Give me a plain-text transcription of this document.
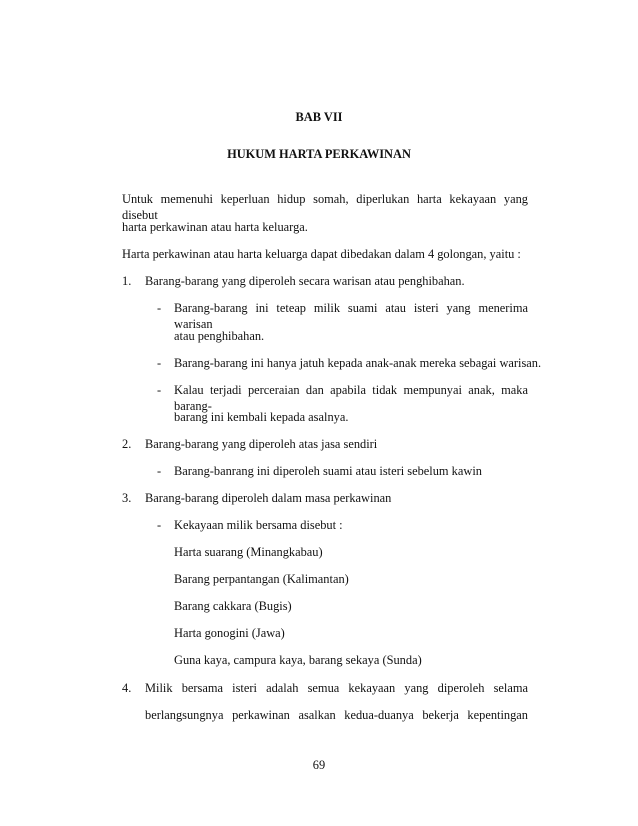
BAB VII
HUKUM HARTA PERKAWINAN
Untuk memenuhi keperluan hidup somah, diperlukan harta kekayaan yang disebut
harta perkawinan atau harta keluarga.
Harta perkawinan atau harta keluarga dapat dibedakan dalam 4 golongan, yaitu :
1. Barang-barang yang diperoleh secara warisan atau penghibahan.
- Barang-barang ini teteap milik suami atau isteri yang menerima warisan
atau penghibahan.
- Barang-barang ini hanya jatuh kepada anak-anak mereka sebagai warisan.
- Kalau terjadi perceraian dan apabila tidak mempunyai anak, maka barang-
barang ini kembali kepada asalnya.
2. Barang-barang yang diperoleh atas jasa sendiri
- Barang-banrang ini diperoleh suami atau isteri sebelum kawin
3. Barang-barang diperoleh dalam masa perkawinan
- Kekayaan milik bersama disebut :
Harta suarang (Minangkabau)
Barang perpantangan (Kalimantan)
Barang cakkara (Bugis)
Harta gonogini (Jawa)
Guna kaya, campura kaya, barang sekaya (Sunda)
4. Milik bersama isteri adalah semua kekayaan yang diperoleh selama
berlangsungnya perkawinan asalkan kedua-duanya bekerja kepentingan
69
